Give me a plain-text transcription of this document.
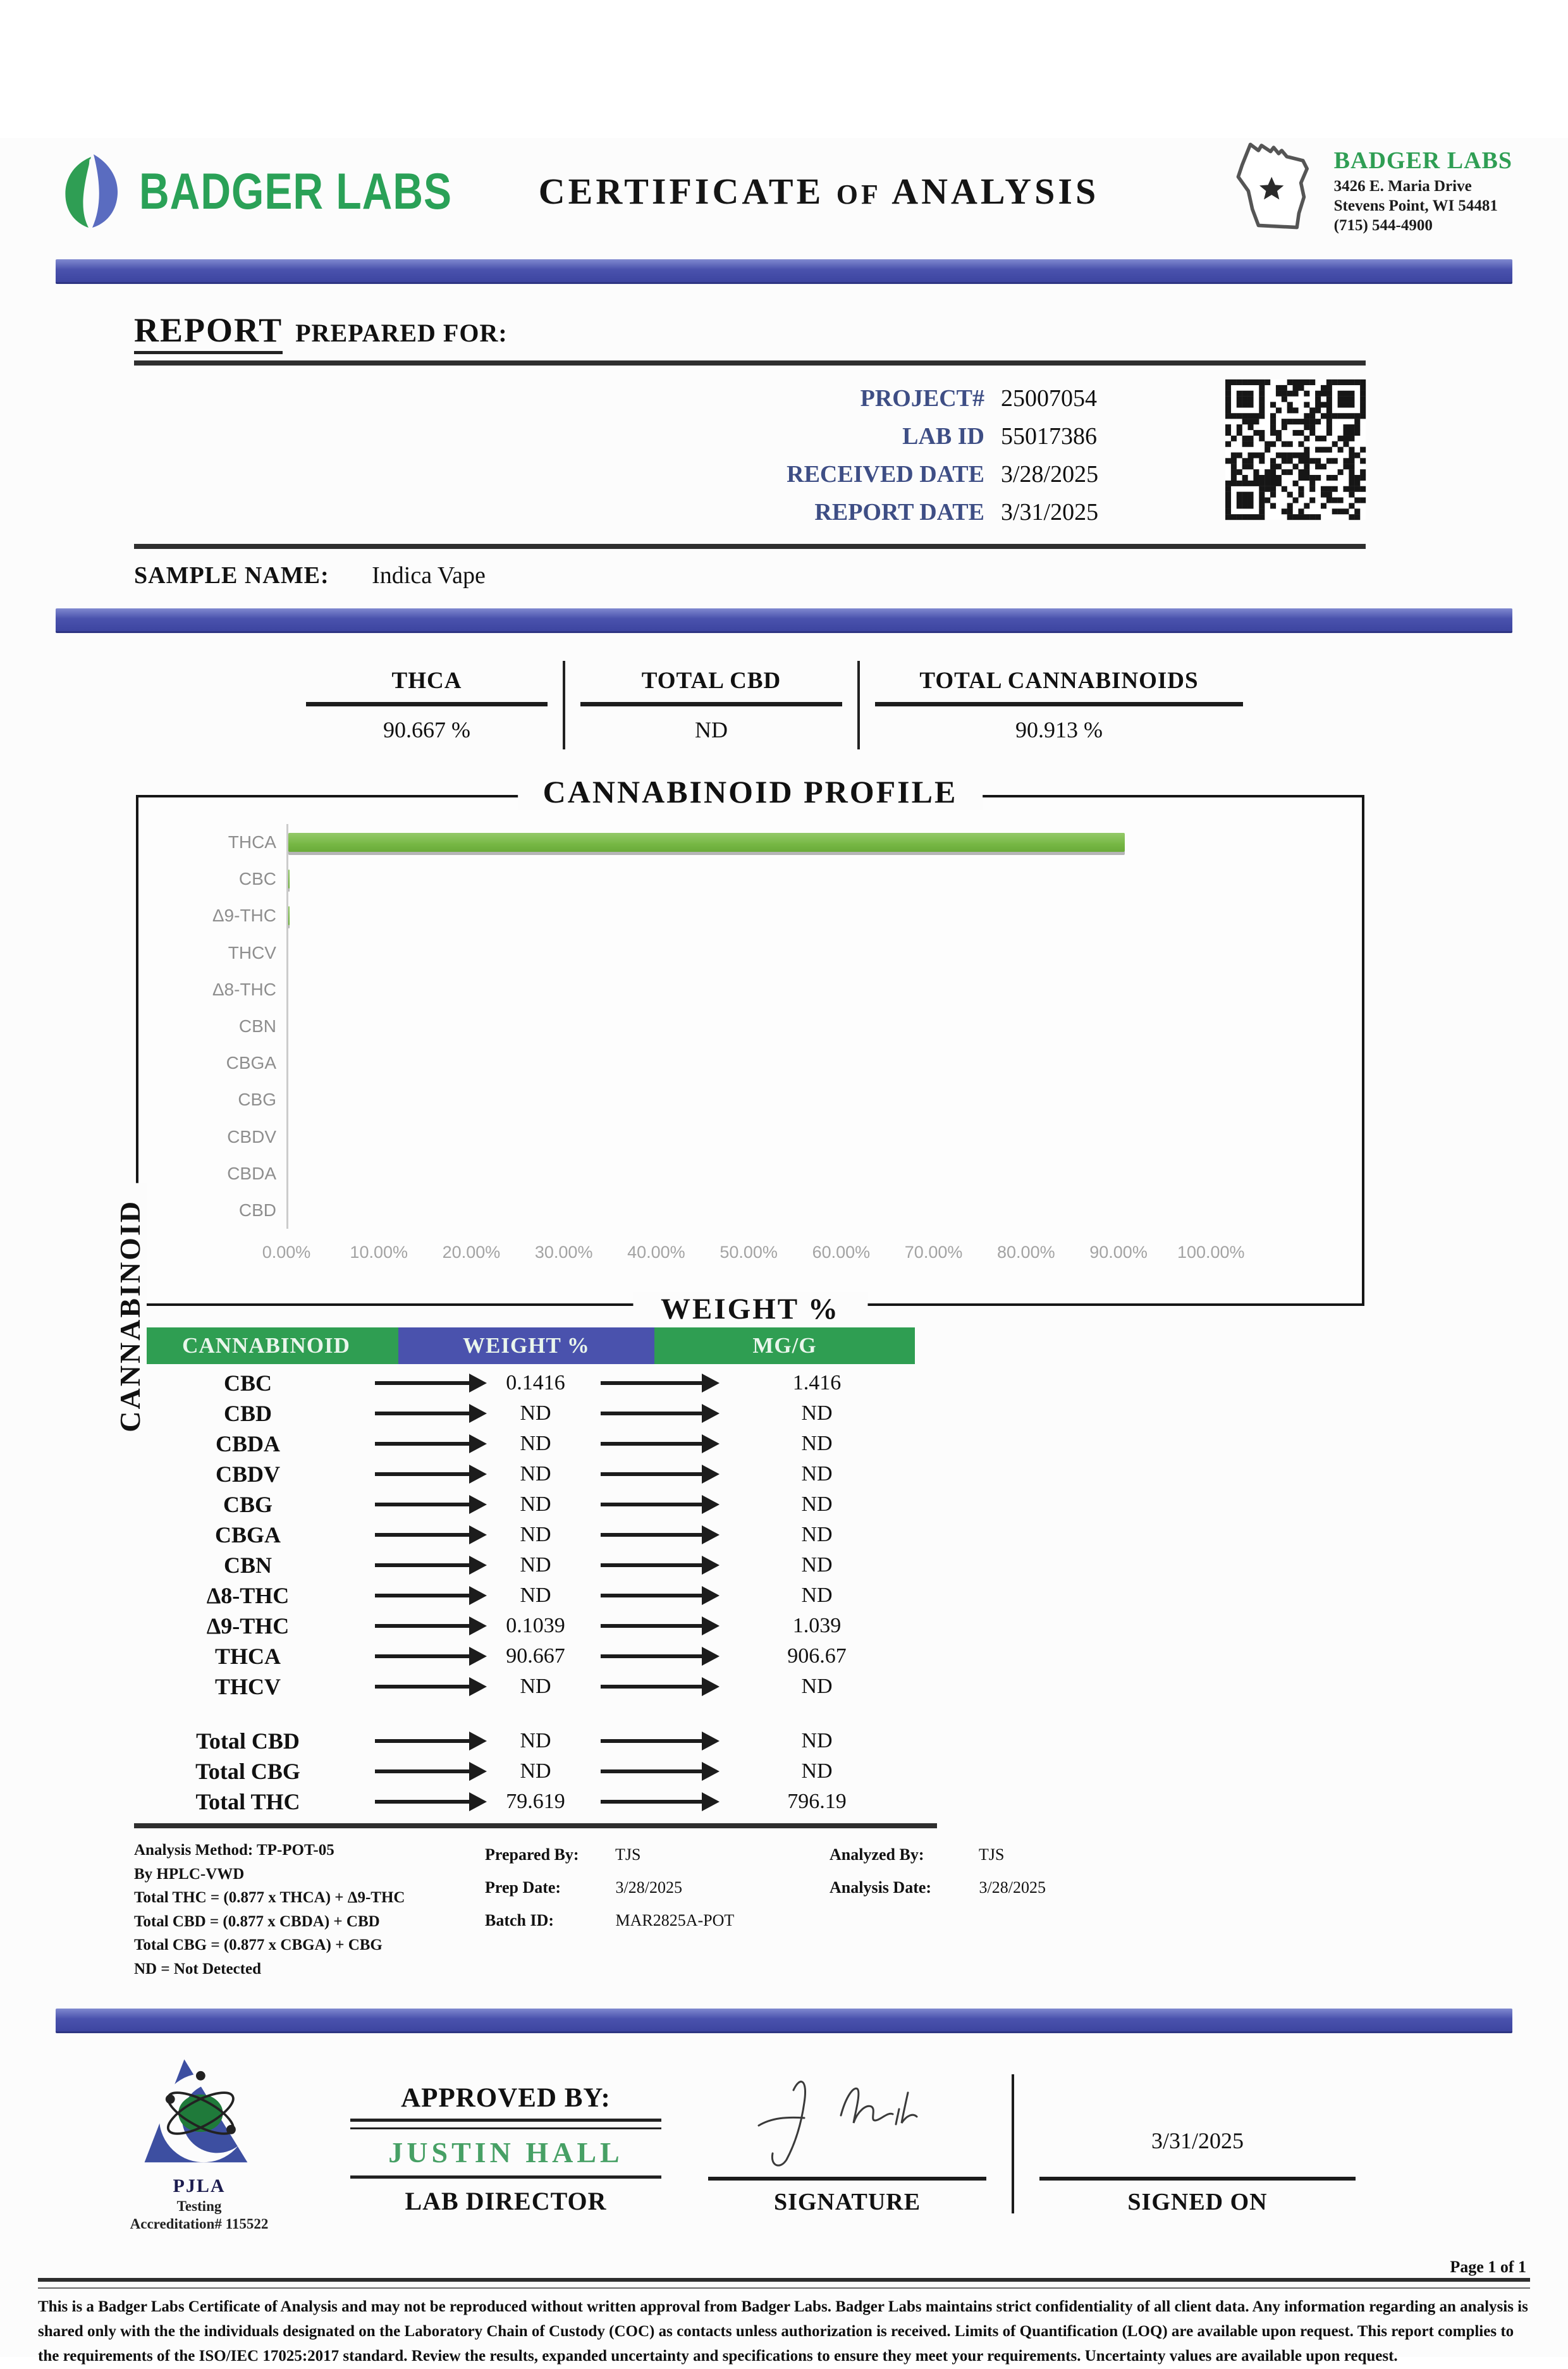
BADGER LABS	CERTIFICATE OF ANALYSIS
BADGER LABS
3426 E. Maria Drive
Stevens Point, WI 54481
(715) 544-4900
REPORT PREPARED FOR:
PROJECT# 25007054
LAB ID 55017386
RECEIVED DATE 3/28/2025
REPORT DATE 3/31/2025
SAMPLE NAME: Indica Vape
THCA
90.667 %
TOTAL CBD
ND
TOTAL CANNABINOIDS
90.913 %
CANNABINOID PROFILE
CANNABINOID	WEIGHT %
THCA
CBC
Δ9-THC
THCV
Δ8-THC
CBN
CBGA
CBG
CBDV
CBDA
CBD
0.00% 10.00% 20.00% 30.00% 40.00% 50.00% 60.00% 70.00% 80.00% 90.00% 100.00%
CANNABINOID	WEIGHT %	MG/G
CBC	0.1416	1.416
CBD	ND	ND
CBDA	ND	ND
CBDV	ND	ND
CBG	ND	ND
CBGA	ND	ND
CBN	ND	ND
Δ8-THC	ND	ND
Δ9-THC	0.1039	1.039
THCA	90.667	906.67
THCV	ND	ND
Total CBD	ND	ND
Total CBG	ND	ND
Total THC	79.619	796.19
Analysis Method: TP-POT-05
By HPLC-VWD
Total THC = (0.877 x THCA) + Δ9-THC
Total CBD = (0.877 x CBDA) + CBD
Total CBG = (0.877 x CBGA) + CBG
ND = Not Detected
Prepared By: TJS
Prep Date:	3/28/2025
Batch ID:	MAR2825A-POT
Analyzed By:	TJS
Analysis Date:	3/28/2025
PJLA
Testing
Accreditation# 115522
APPROVED BY:
JUSTIN HALL
LAB DIRECTOR	SIGNATURE
3/31/2025
SIGNED ON
Page 1 of 1
This is a Badger Labs Certificate of Analysis and may not be reproduced without written approval from Badger Labs. Badger Labs maintains strict confidentiality of all client data. Any information regarding an analysis is shared only with the the individuals designated on the Laboratory Chain of Custody (COC) as contacts unless authorization is received. Limits of Quantification (LOQ) are available upon request. This report complies to the requirements of the ISO/IEC 17025:2017 standard. Review the results, expanded uncertainty and specifications to ensure they meet your requirements. Uncertainty values are available upon request.
